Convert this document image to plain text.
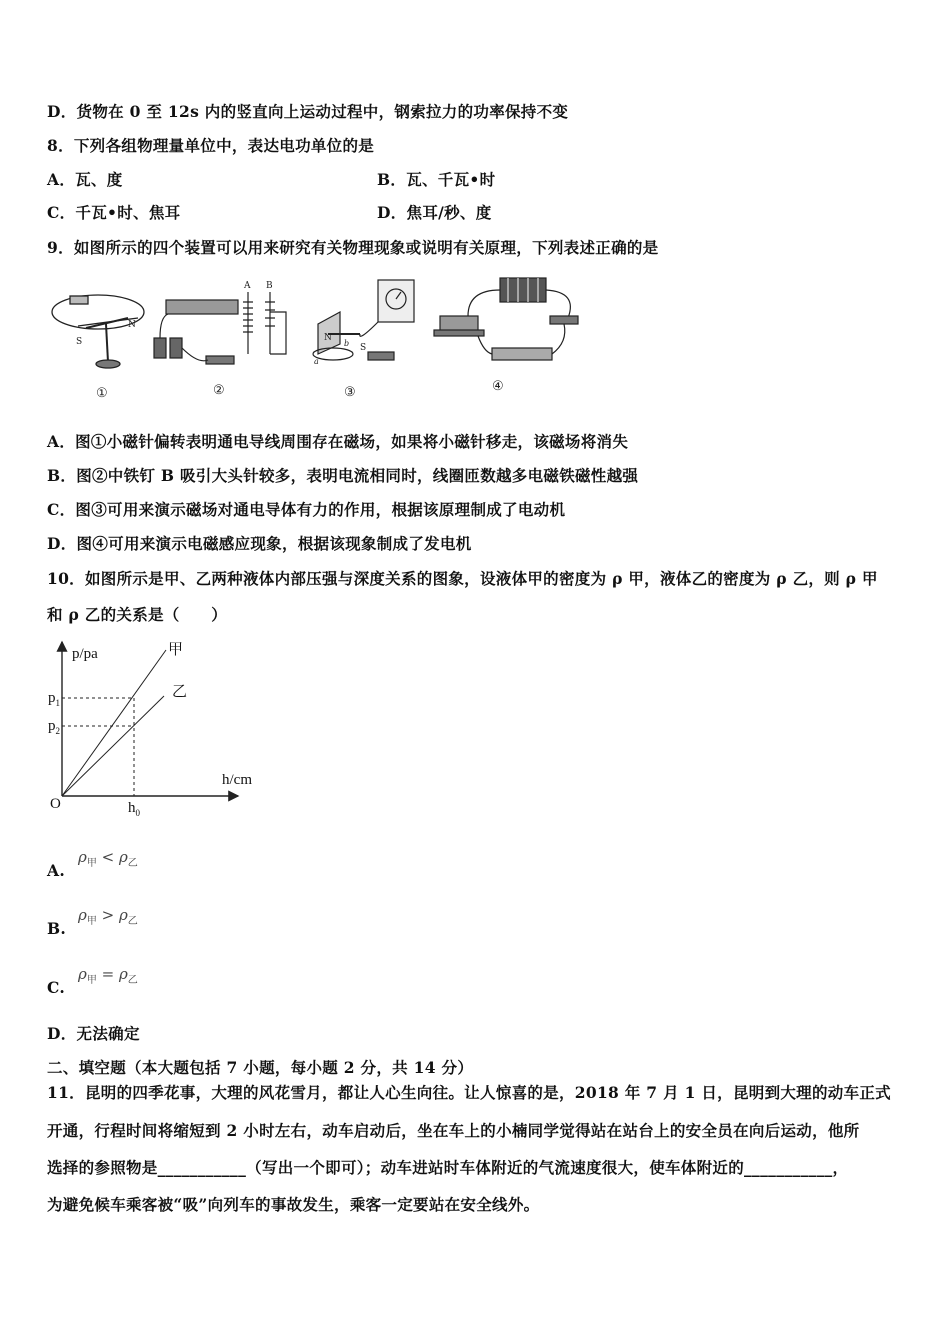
D．货物在 0 至 12s 内的竖直向上运动过程中，钢索拉力的功率保持不变
8．下列各组物理量单位中，表达电功单位的是
A．瓦、度	B．瓦、千瓦•时
C．千瓦•时、焦耳	D．焦耳/秒、度
9．如图所示的四个装置可以用来研究有关物理现象或说明有关原理，下列表述正确的是
S
N
A B
N
S
a
b
①	②	③	④
A．图①小磁针偏转表明通电导线周围存在磁场，如果将小磁针移走，该磁场将消失
B．图②中铁钉 B 吸引大头针较多，表明电流相同时，线圈匝数越多电磁铁磁性越强
C．图③可用来演示磁场对通电导体有力的作用，根据该原理制成了电动机
D．图④可用来演示电磁感应现象，根据该现象制成了发电机
10．如图所示是甲、乙两种液体内部压强与深度关系的图象，设液体甲的密度为 ρ 甲，液体乙的密度为 ρ 乙，则 ρ 甲
和 ρ 乙的关系是（　　）
p/pa
h/cm
O
$p_1$
$p_2$
$h_0$
甲
乙
A.
$\rho_甲 < \rho_乙$
B.
$\rho_甲 > \rho_乙$
C.
$\rho_甲 = \rho_乙$
D．无法确定
二、填空题（本大题包括 7 小题，每小题 2 分，共 14 分）
11．昆明的四季花事，大理的风花雪月，都让人心生向往。让人惊喜的是，2018 年 7 月 1 日，昆明到大理的动车正式
开通，行程时间将缩短到 2 小时左右，动车启动后，坐在车上的小楠同学觉得站在站台上的安全员在向后运动，他所
选择的参照物是___________（写出一个即可）；动车进站时车体附近的气流速度很大，使车体附近的___________，
为避免候车乘客被“吸”向列车的事故发生，乘客一定要站在安全线外。
